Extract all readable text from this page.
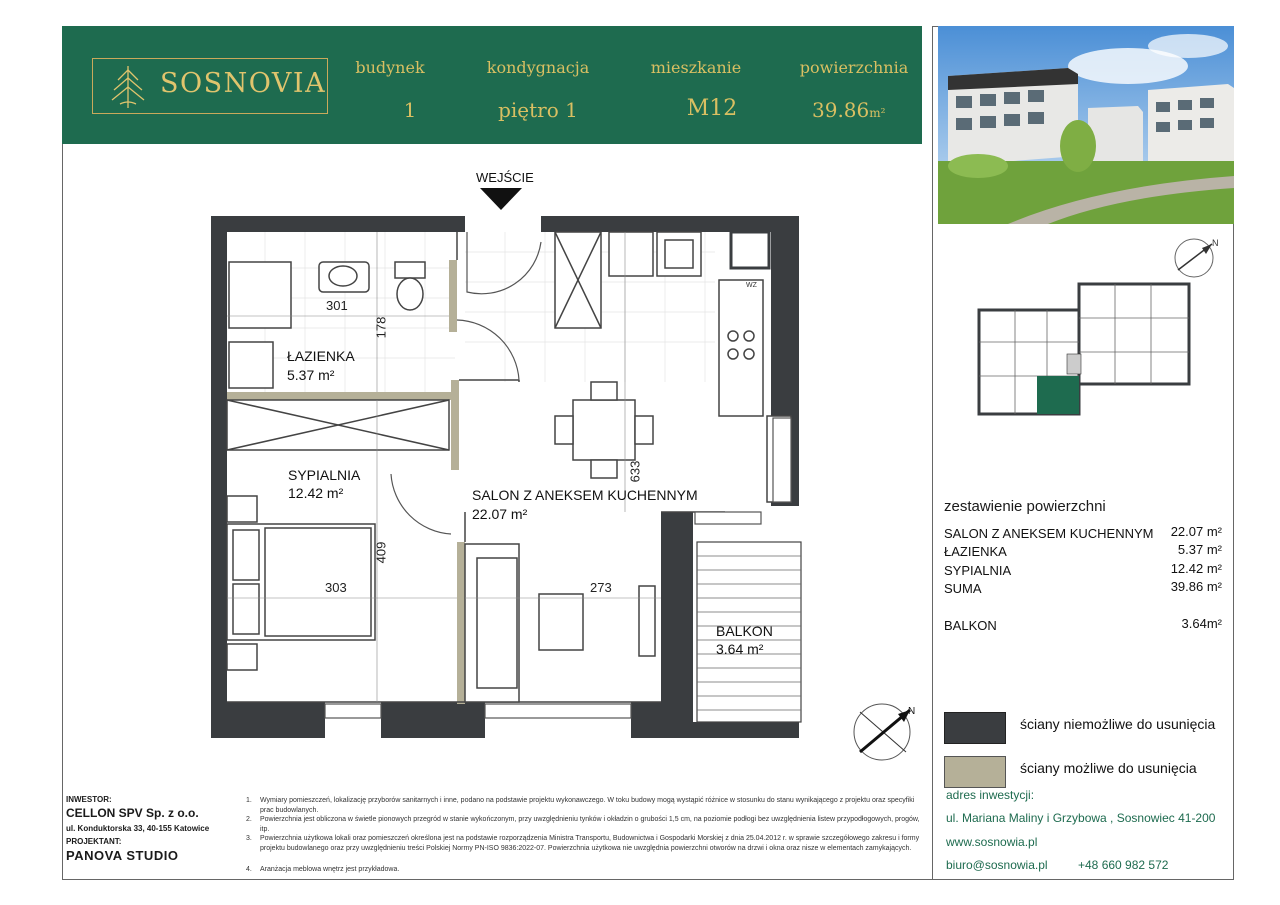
SOSNOVIA
budynek
1
kondygnacja
piętro 1
mieszkanie
M12
powierzchnia
39.86m²
N
WEJŚCIE
ŁAZIENKA
5.37 m²
SYPIALNIA
12.42 m²	SALON Z ANEKSEM KUCHENNYM
22.07 m²
BALKON
3.64 m²
301
178
633
409
303	273
WZ
N
zestawienie powierzchni
SALON Z ANEKSEM KUCHENNYM	22.07 m²
ŁAZIENKA	5.37 m²
SYPIALNIA	12.42 m²
SUMA	39.86 m²
BALKON	3.64m²
ściany niemożliwe do usunięcia
ściany możliwe do usunięcia
adres inwestycji:
ul. Mariana Maliny i Grzybowa , Sosnowiec 41-200
www.sosnowia.pl
biuro@sosnowia.pl	+48 660 982 572
INWESTOR:
CELLON SPV Sp. z o.o.
ul. Konduktorska 33, 40-155 Katowice
PROJEKTANT:
PANOVA STUDIO
1. Wymiary pomieszczeń, lokalizację przyborów sanitarnych i inne, podano na podstawie projektu wykonawczego. W toku budowy mogą wystąpić różnice w stosunku do stanu wynikającego z projektu oraz specyfiki prac budowlanych.
2. Powierzchnia jest obliczona w świetle pionowych przegród w stanie wykończonym, przy uwzględnieniu tynków i okładzin o grubości 1,5 cm, na poziomie podłogi bez uwzględnienia listew przypodłogowych, progów, itp.
3. Powierzchnia użytkowa lokali oraz pomieszczeń określona jest na podstawie rozporządzenia Ministra Transportu, Budownictwa i Gospodarki Morskiej z dnia 25.04.2012 r. w sprawie szczegółowego zakresu i formy projektu budowlanego oraz przy uwzględnieniu treści Polskiej Normy PN-ISO 9836:2022-07. Powierzchnia użytkowa nie uwzględnia powierzchni otworów na drzwi i okna oraz nisze w elementach zamykających.
4. Aranżacja meblowa wnętrz jest przykładowa.
